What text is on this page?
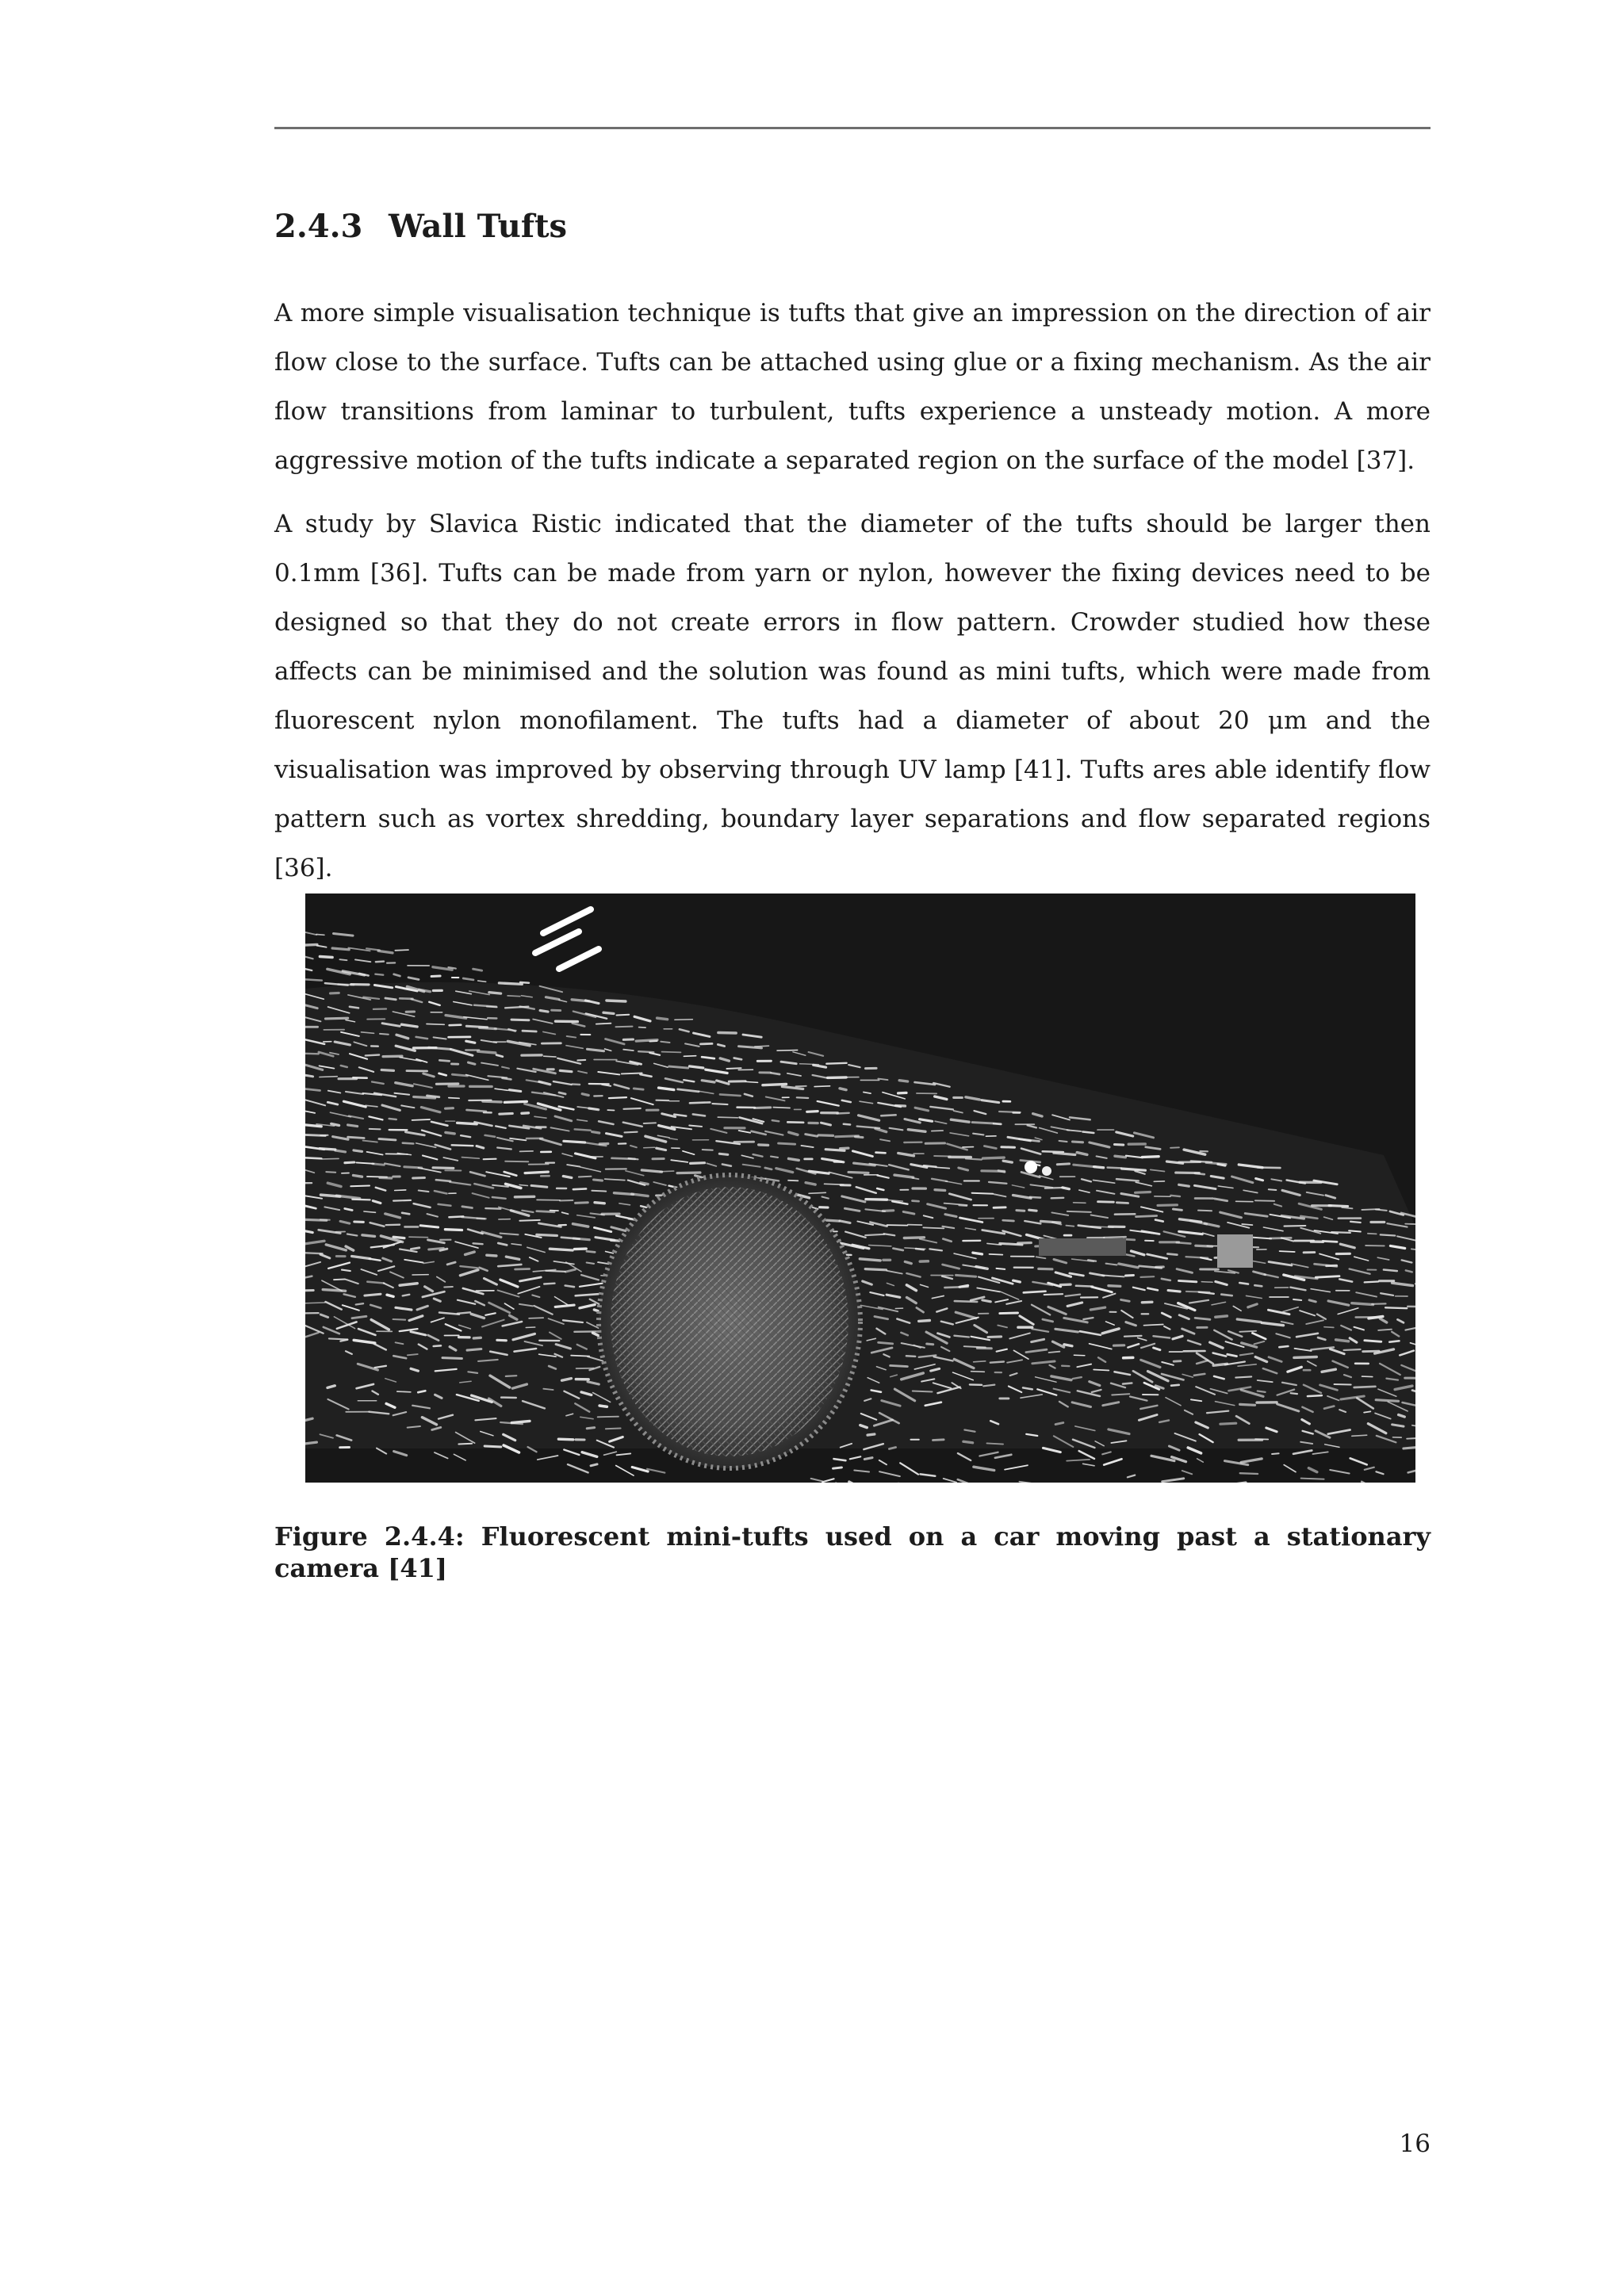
2.4.3 Wall Tufts

A more simple visualisation technique is tufts that give an impression on the direction of air flow close to the surface. Tufts can be attached using glue or a fixing mechanism. As the air flow transitions from laminar to turbulent, tufts experience a unsteady motion. A more aggressive motion of the tufts indicate a separated region on the surface of the model [37].

A study by Slavica Ristic indicated that the diameter of the tufts should be larger then 0.1mm [36]. Tufts can be made from yarn or nylon, however the fixing devices need to be designed so that they do not create errors in flow pattern. Crowder studied how these affects can be minimised and the solution was found as mini tufts, which were made from fluorescent nylon monofilament. The tufts had a diameter of about 20 μm and the visualisation was improved by observing through UV lamp [41]. Tufts ares able identify flow pattern such as vortex shredding, boundary layer separations and flow separated regions [36].

Figure 2.4.4: Fluorescent mini-tufts used on a car moving past a stationary camera [41]

16
